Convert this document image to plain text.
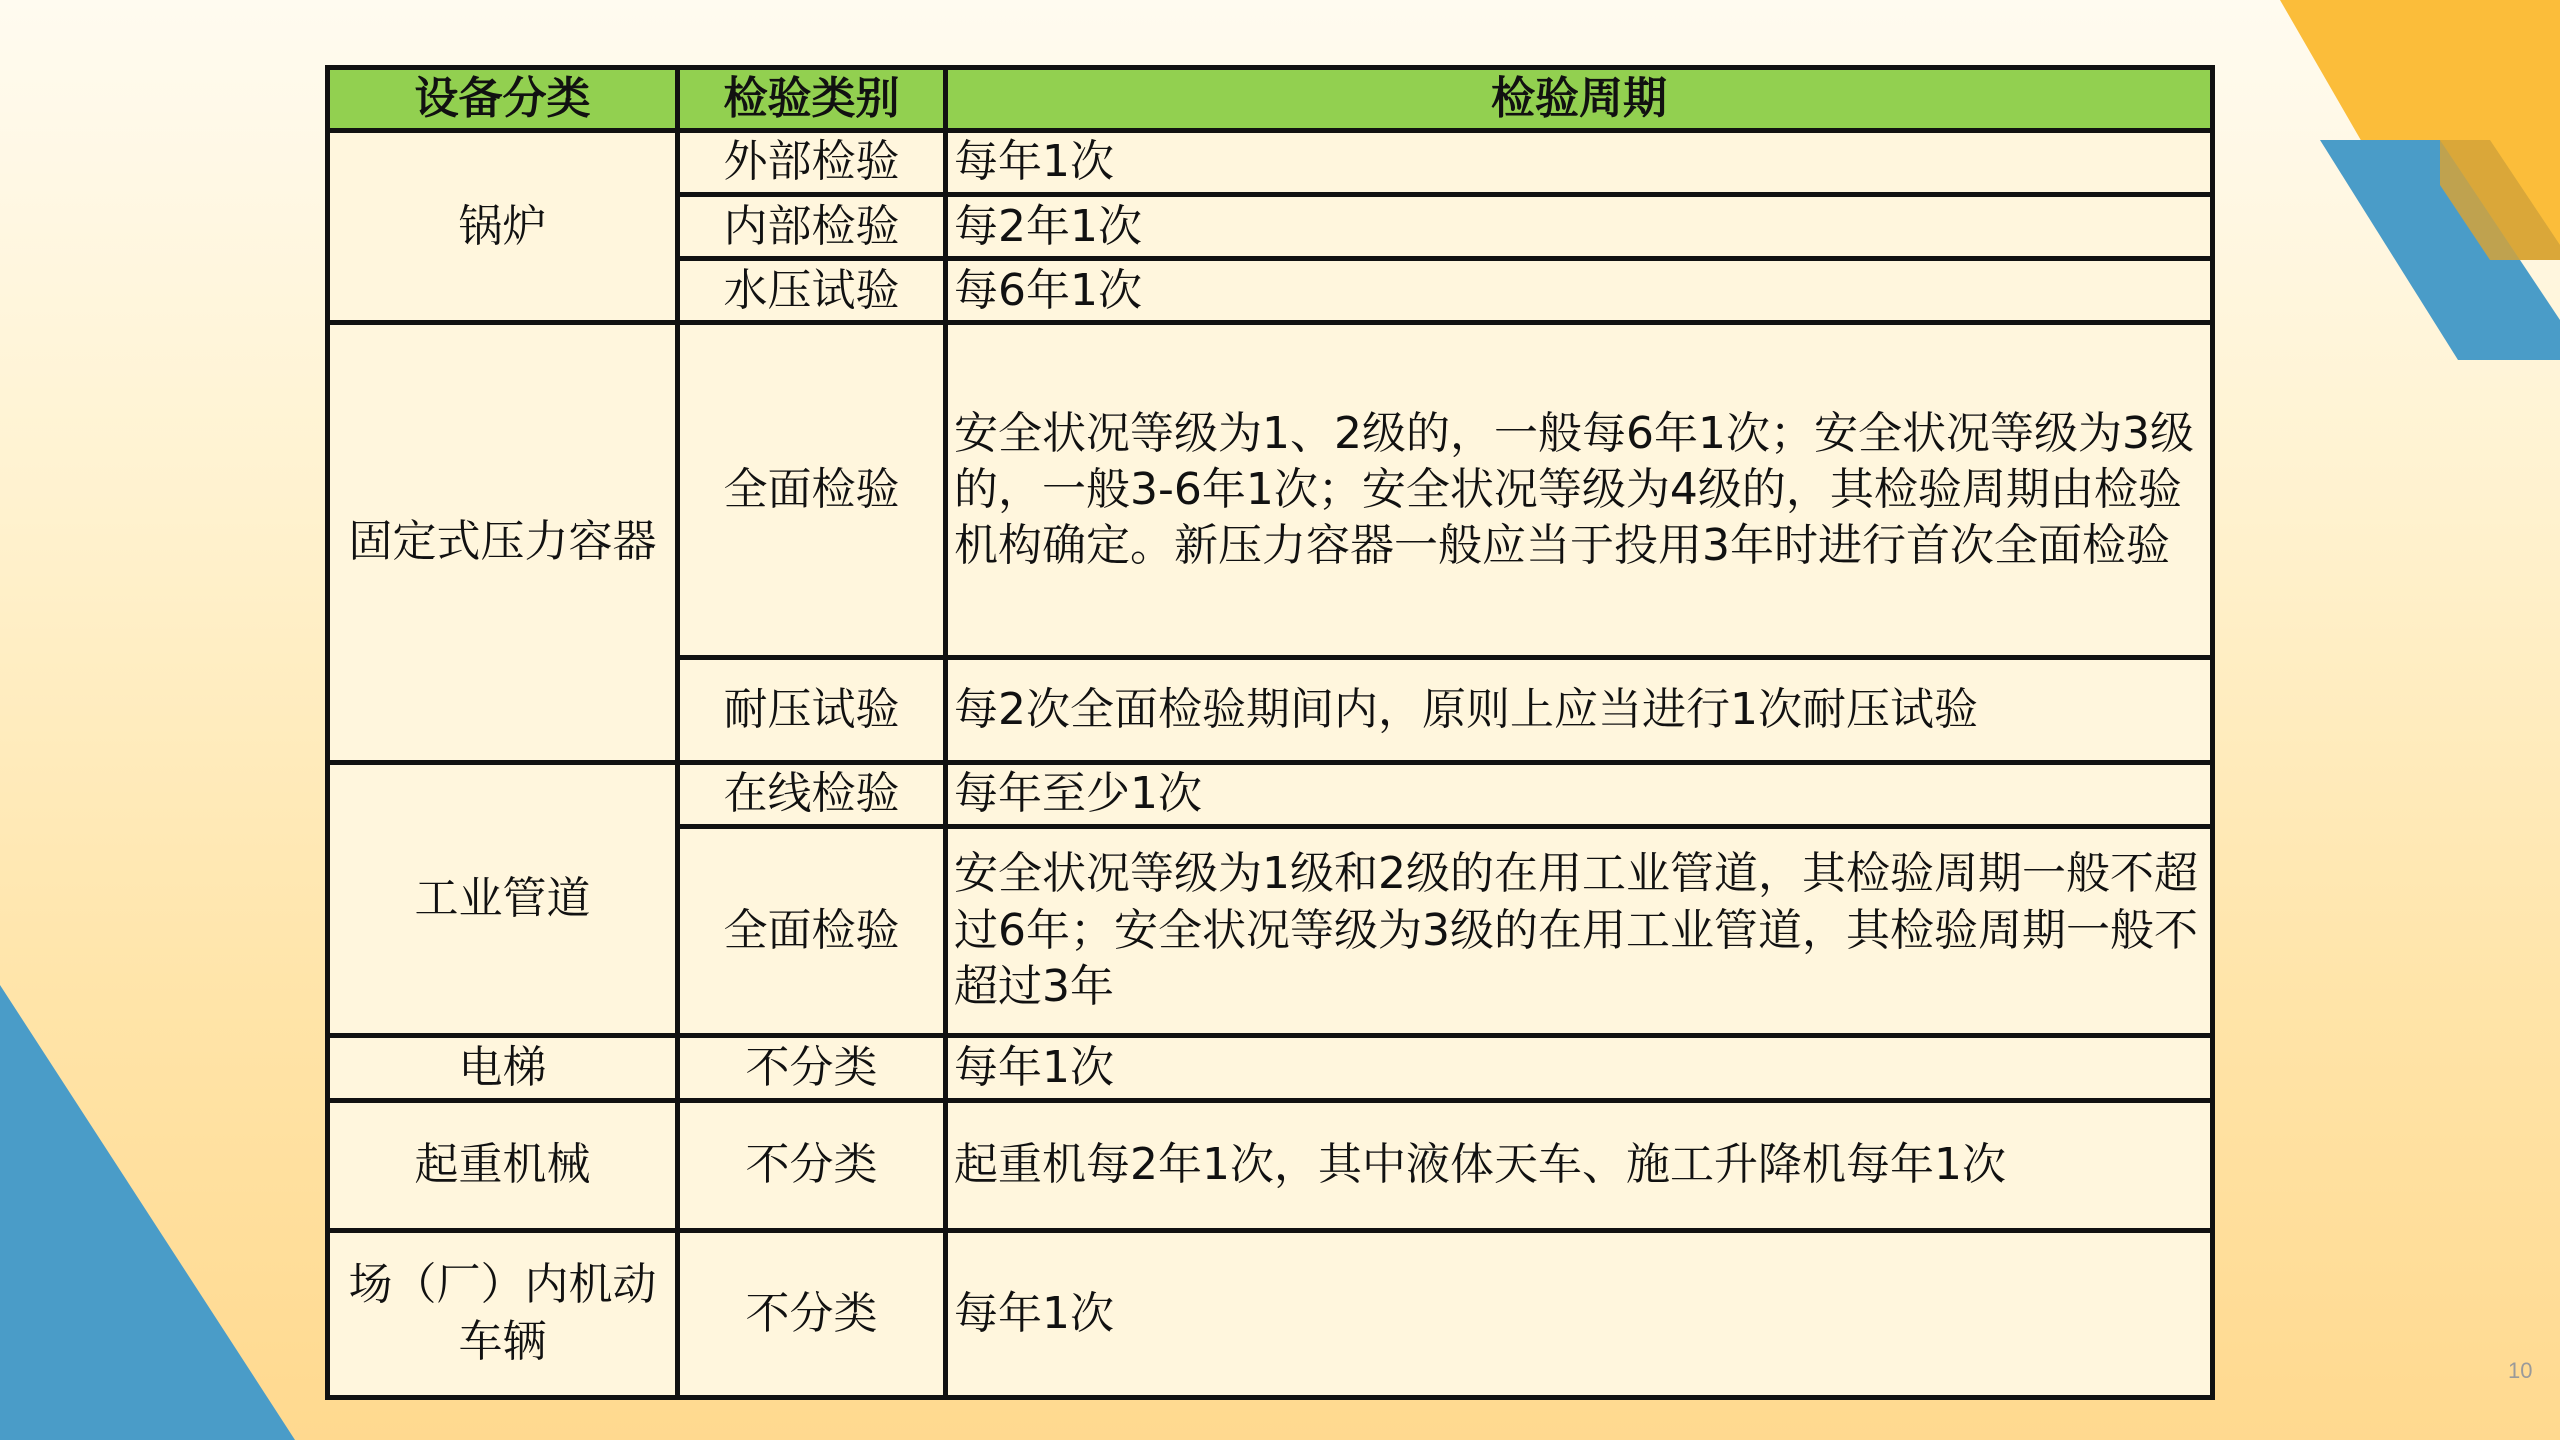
设备分类	检验类别	检验周期
锅炉	外部检验	每年1次
	内部检验	每2年1次
	水压试验	每6年1次
固定式压力容器	全面检验	安全状况等级为1、2级的，一般每6年1次；安全状况等级为3级的，一般3-6年1次；安全状况等级为4级的，其检验周期由检验机构确定。新压力容器一般应当于投用3年时进行首次全面检验
	耐压试验	每2次全面检验期间内，原则上应当进行1次耐压试验
工业管道	在线检验	每年至少1次
	全面检验	安全状况等级为1级和2级的在用工业管道，其检验周期一般不超过6年；安全状况等级为3级的在用工业管道，其检验周期一般不超过3年
电梯	不分类	每年1次
起重机械	不分类	起重机每2年1次，其中液体天车、施工升降机每年1次
场（厂）内机动车辆	不分类	每年1次
10
